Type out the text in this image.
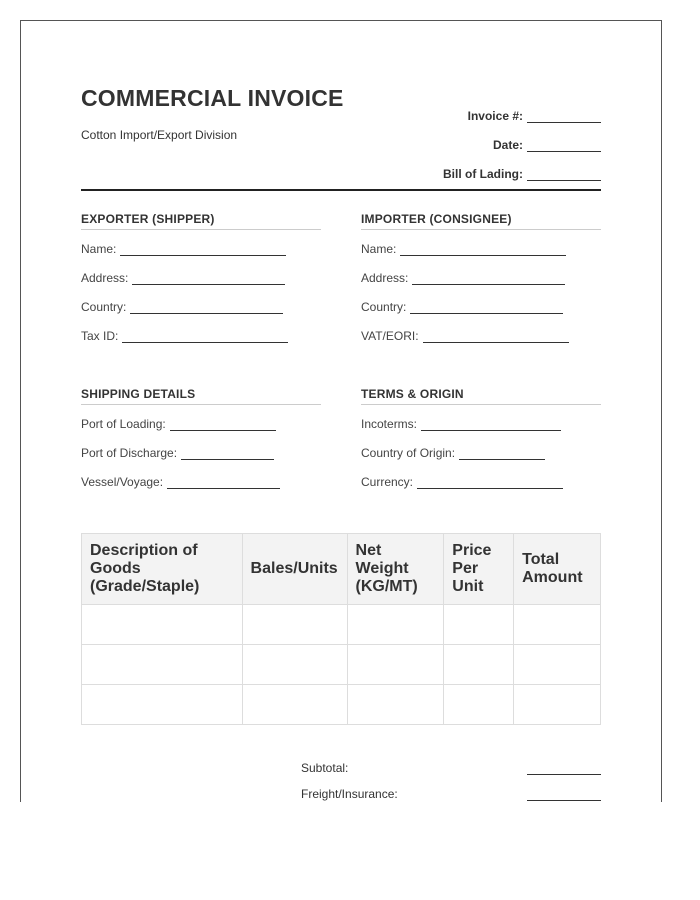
COMMERCIAL INVOICE
Cotton Import/Export Division
Invoice #:
Date:
Bill of Lading:
EXPORTER (SHIPPER)
Name:
Address:
Country:
Tax ID:
IMPORTER (CONSIGNEE)
Name:
Address:
Country:
VAT/EORI:
SHIPPING DETAILS
Port of Loading:
Port of Discharge:
Vessel/Voyage:
TERMS & ORIGIN
Incoterms:
Country of Origin:
Currency:
Description of Goods (Grade/Staple)	Bales/Units	Net Weight (KG/MT)	Price Per Unit	Total Amount

Subtotal:
Freight/Insurance:
